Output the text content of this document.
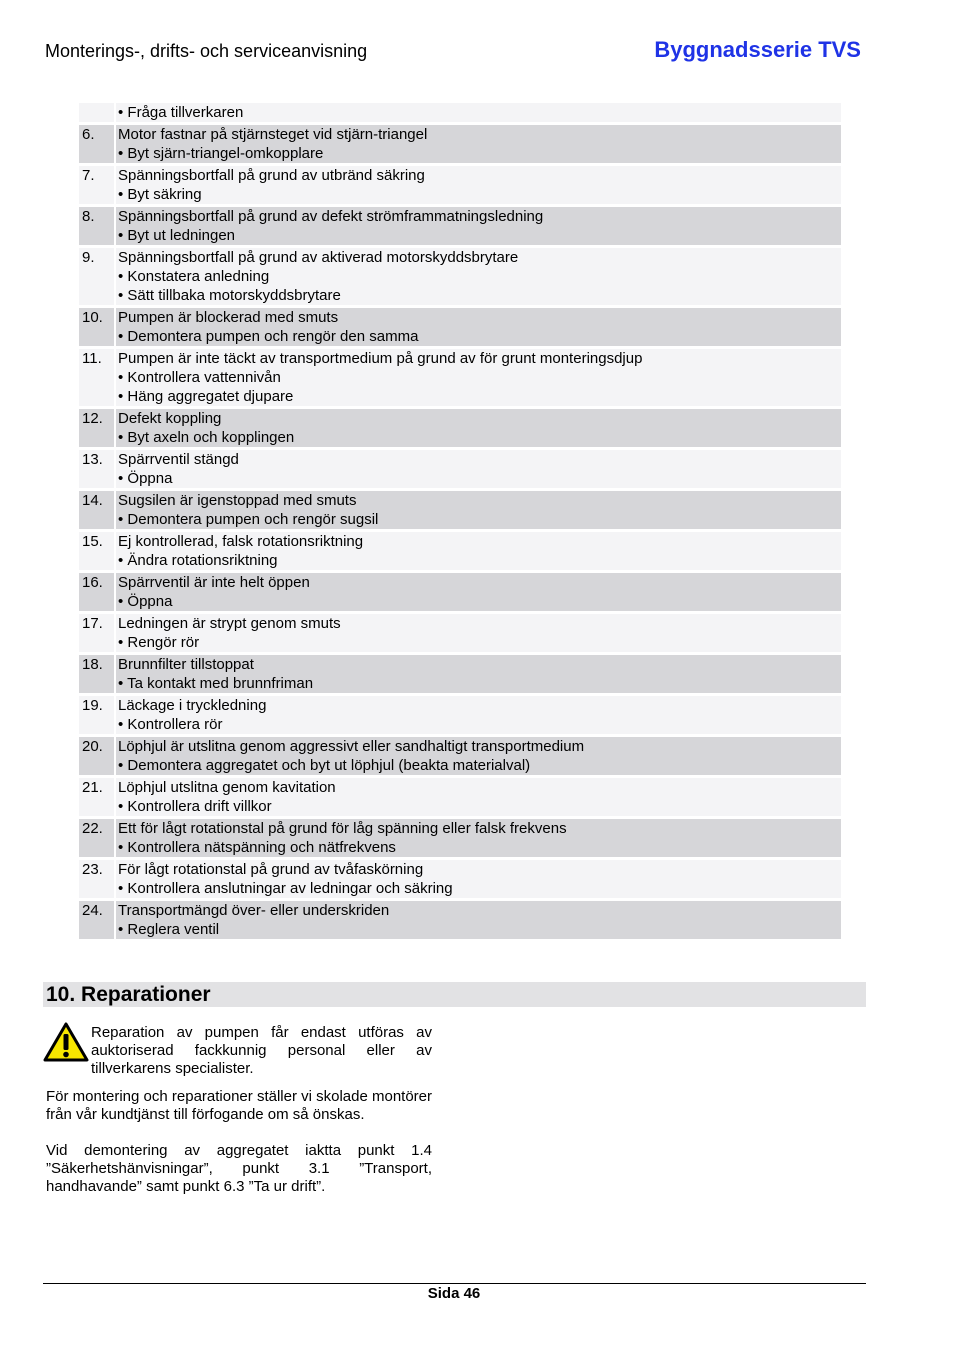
Monterings-, drifts- och serviceanvisning	Byggnadsserie TVS
• Fråga tillverkaren
6.	Motor fastnar på stjärnsteget vid stjärn-triangel
• Byt sjärn-triangel-omkopplare
7.	Spänningsbortfall på grund av utbränd säkring
• Byt säkring
8.	Spänningsbortfall på grund av defekt strömframmatningsledning
• Byt ut ledningen
9.	Spänningsbortfall på grund av aktiverad motorskyddsbrytare
• Konstatera anledning
• Sätt tillbaka motorskyddsbrytare
10.	Pumpen är blockerad med smuts
• Demontera pumpen och rengör den samma
11.	Pumpen är inte täckt av transportmedium på grund av för grunt monteringsdjup
• Kontrollera vattennivån
• Häng aggregatet djupare
12.	Defekt koppling
• Byt axeln och kopplingen
13.	Spärrventil stängd
• Öppna
14.	Sugsilen är igenstoppad med smuts
• Demontera pumpen och rengör sugsil
15.	Ej kontrollerad, falsk rotationsriktning
• Ändra rotationsriktning
16.	Spärrventil är inte helt öppen
• Öppna
17.	Ledningen är strypt genom smuts
• Rengör rör
18.	Brunnfilter tillstoppat
• Ta kontakt med brunnfriman
19.	Läckage i tryckledning
• Kontrollera rör
20.	Löphjul är utslitna genom aggressivt eller sandhaltigt transportmedium
• Demontera aggregatet och byt ut löphjul (beakta materialval)
21.	Löphjul utslitna genom kavitation
• Kontrollera drift villkor
22.	Ett för lågt rotationstal på grund för låg spänning eller falsk frekvens
• Kontrollera nätspänning och nätfrekvens
23.	För lågt rotationstal på grund av tvåfaskörning
• Kontrollera anslutningar av ledningar och säkring
24.	Transportmängd över- eller underskriden
• Reglera ventil
10. Reparationer
Reparation av pumpen får endast utföras av auktoriserad fackkunnig personal eller av tillverkarens specialister.
För montering och reparationer ställer vi skolade montörer från vår kundtjänst till förfogande om så önskas.
Vid demontering av aggregatet iaktta punkt 1.4 ”Säkerhetshänvisningar”, punkt 3.1 ”Transport, handhavande” samt punkt 6.3 ”Ta ur drift”.
Sida 46
